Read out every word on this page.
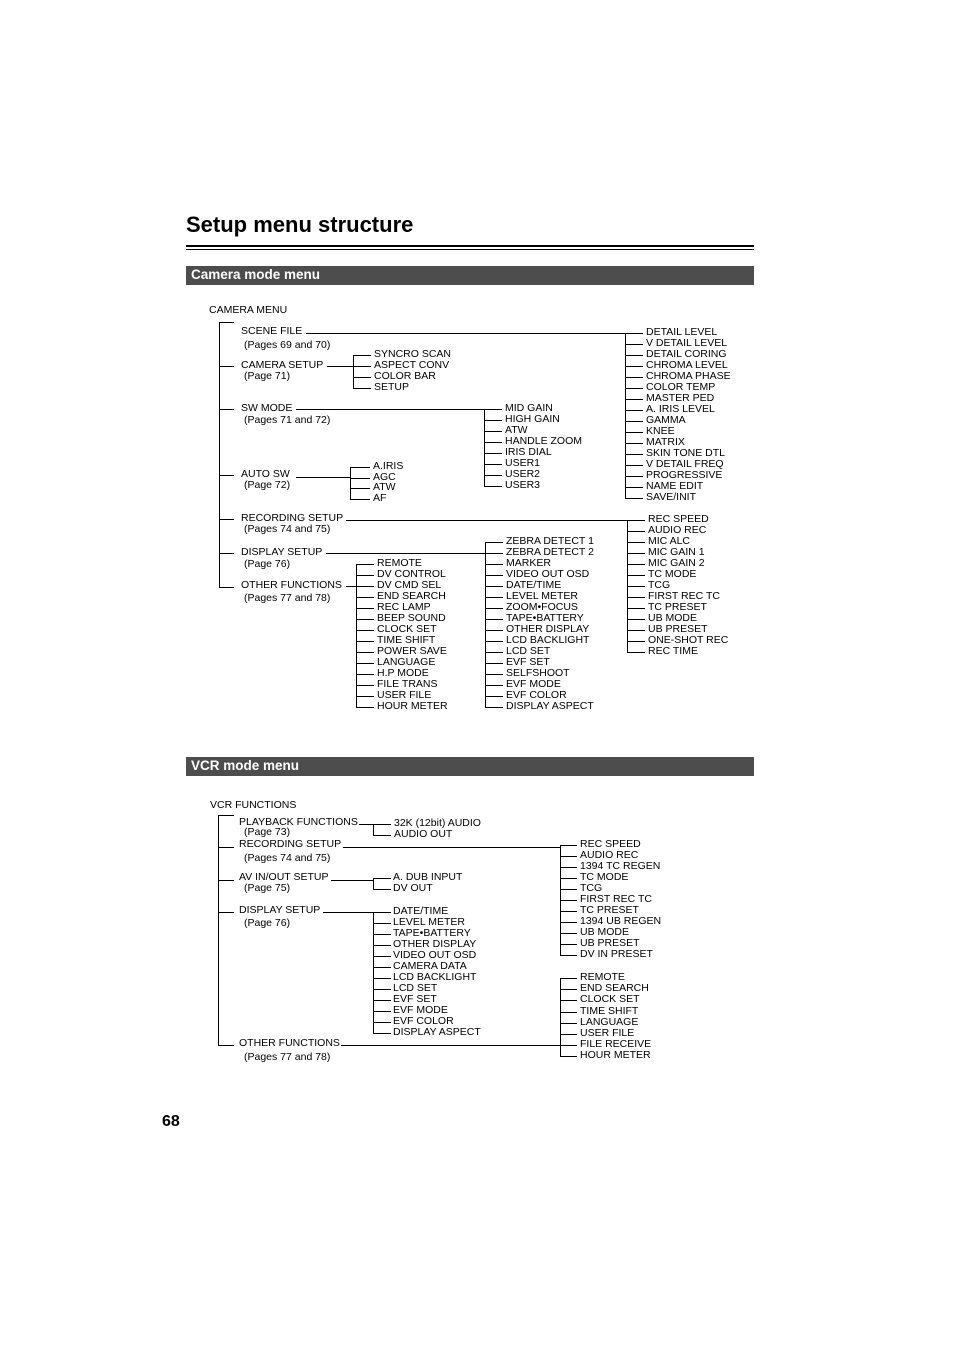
Setup menu structure
Camera mode menu
VCR mode menu
CAMERA MENU
SCENE FILE
(Pages 69 and 70)
CAMERA SETUP
(Page 71)
SW MODE
(Pages 71 and 72)
AUTO SW
(Page 72)
RECORDING SETUP
(Pages 74 and 75)
DISPLAY SETUP
(Page 76)
OTHER FUNCTIONS
(Pages 77 and 78)
SYNCRO SCAN
ASPECT CONV
COLOR BAR
SETUP
A.IRIS
AGC
ATW
AF
MID GAIN
HIGH GAIN
ATW
HANDLE ZOOM
IRIS DIAL
USER1
USER2
USER3
DETAIL LEVEL
V DETAIL LEVEL
DETAIL CORING
CHROMA LEVEL
CHROMA PHASE
COLOR TEMP
MASTER PED
A. IRIS LEVEL
GAMMA
KNEE
MATRIX
SKIN TONE DTL
V DETAIL FREQ
PROGRESSIVE
NAME EDIT
SAVE/INIT
REC SPEED
AUDIO REC
MIC ALC
MIC GAIN 1
MIC GAIN 2
TC MODE
TCG
FIRST REC TC
TC PRESET
UB MODE
UB PRESET
ONE-SHOT REC
REC TIME
ZEBRA DETECT 1
ZEBRA DETECT 2
MARKER
VIDEO OUT OSD
DATE/TIME
LEVEL METER
ZOOM•FOCUS
TAPE•BATTERY
OTHER DISPLAY
LCD BACKLIGHT
LCD SET
EVF SET
SELFSHOOT
EVF MODE
EVF COLOR
DISPLAY ASPECT
REMOTE
DV CONTROL
DV CMD SEL
END SEARCH
REC LAMP
BEEP SOUND
CLOCK SET
TIME SHIFT
POWER SAVE
LANGUAGE
H.P MODE
FILE TRANS
USER FILE
HOUR METER
VCR FUNCTIONS
PLAYBACK FUNCTIONS
(Page 73)
RECORDING SETUP
(Pages 74 and 75)
AV IN/OUT SETUP
(Page 75)
DISPLAY SETUP
(Page 76)
OTHER FUNCTIONS
(Pages 77 and 78)
32K (12bit) AUDIO
AUDIO OUT
A. DUB INPUT
DV OUT
DATE/TIME
LEVEL METER
TAPE•BATTERY
OTHER DISPLAY
VIDEO OUT OSD
CAMERA DATA
LCD BACKLIGHT
LCD SET
EVF SET
EVF MODE
EVF COLOR
DISPLAY ASPECT
REC SPEED
AUDIO REC
1394 TC REGEN
TC MODE
TCG
FIRST REC TC
TC PRESET
1394 UB REGEN
UB MODE
UB PRESET
DV IN PRESET
REMOTE
END SEARCH
CLOCK SET
TIME SHIFT
LANGUAGE
USER FILE
FILE RECEIVE
HOUR METER
68
